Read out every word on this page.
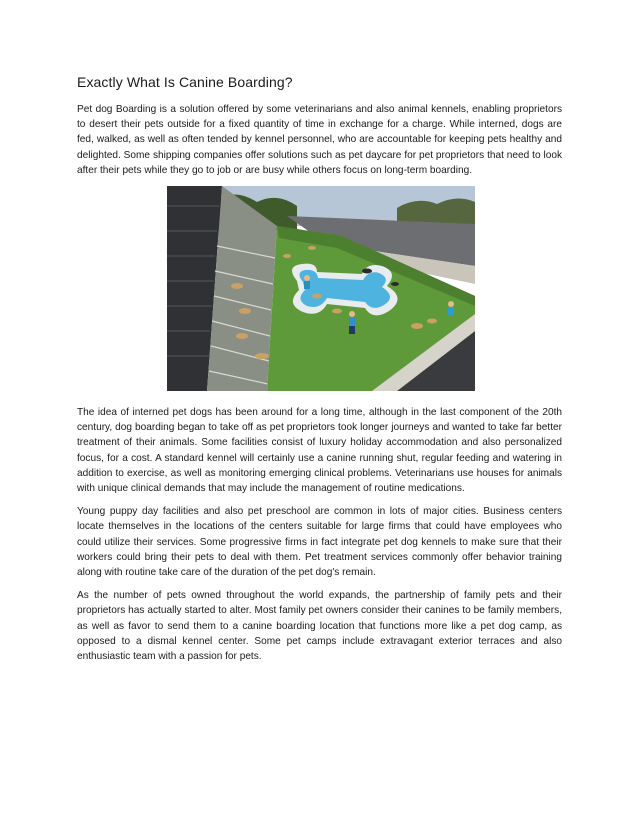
Exactly What Is Canine Boarding?

Pet dog Boarding is a solution offered by some veterinarians and also animal kennels, enabling proprietors to desert their pets outside for a fixed quantity of time in exchange for a charge. While interned, dogs are fed, walked, as well as often tended by kennel personnel, who are accountable for keeping pets healthy and delighted. Some shipping companies offer solutions such as pet daycare for pet proprietors that need to look after their pets while they go to job or are busy while others focus on long-term boarding.

The idea of interned pet dogs has been around for a long time, although in the last component of the 20th century, dog boarding began to take off as pet proprietors took longer journeys and wanted to take far better treatment of their animals. Some facilities consist of luxury holiday accommodation and also personalized focus, for a cost. A standard kennel will certainly use a canine running shut, regular feeding and watering in addition to exercise, as well as monitoring emerging clinical problems. Veterinarians use houses for animals with unique clinical demands that may include the management of routine medications.

Young puppy day facilities and also pet preschool are common in lots of major cities. Business centers locate themselves in the locations of the centers suitable for large firms that could have employees who could utilize their services. Some progressive firms in fact integrate pet dog kennels to make sure that their workers could bring their pets to deal with them. Pet treatment services commonly offer behavior training along with routine take care of the duration of the pet dog's remain.

As the number of pets owned throughout the world expands, the partnership of family pets and their proprietors has actually started to alter. Most family pet owners consider their canines to be family members, as well as favor to send them to a canine boarding location that functions more like a pet dog camp, as opposed to a dismal kennel center. Some pet camps include extravagant exterior terraces and also enthusiastic team with a passion for pets.
